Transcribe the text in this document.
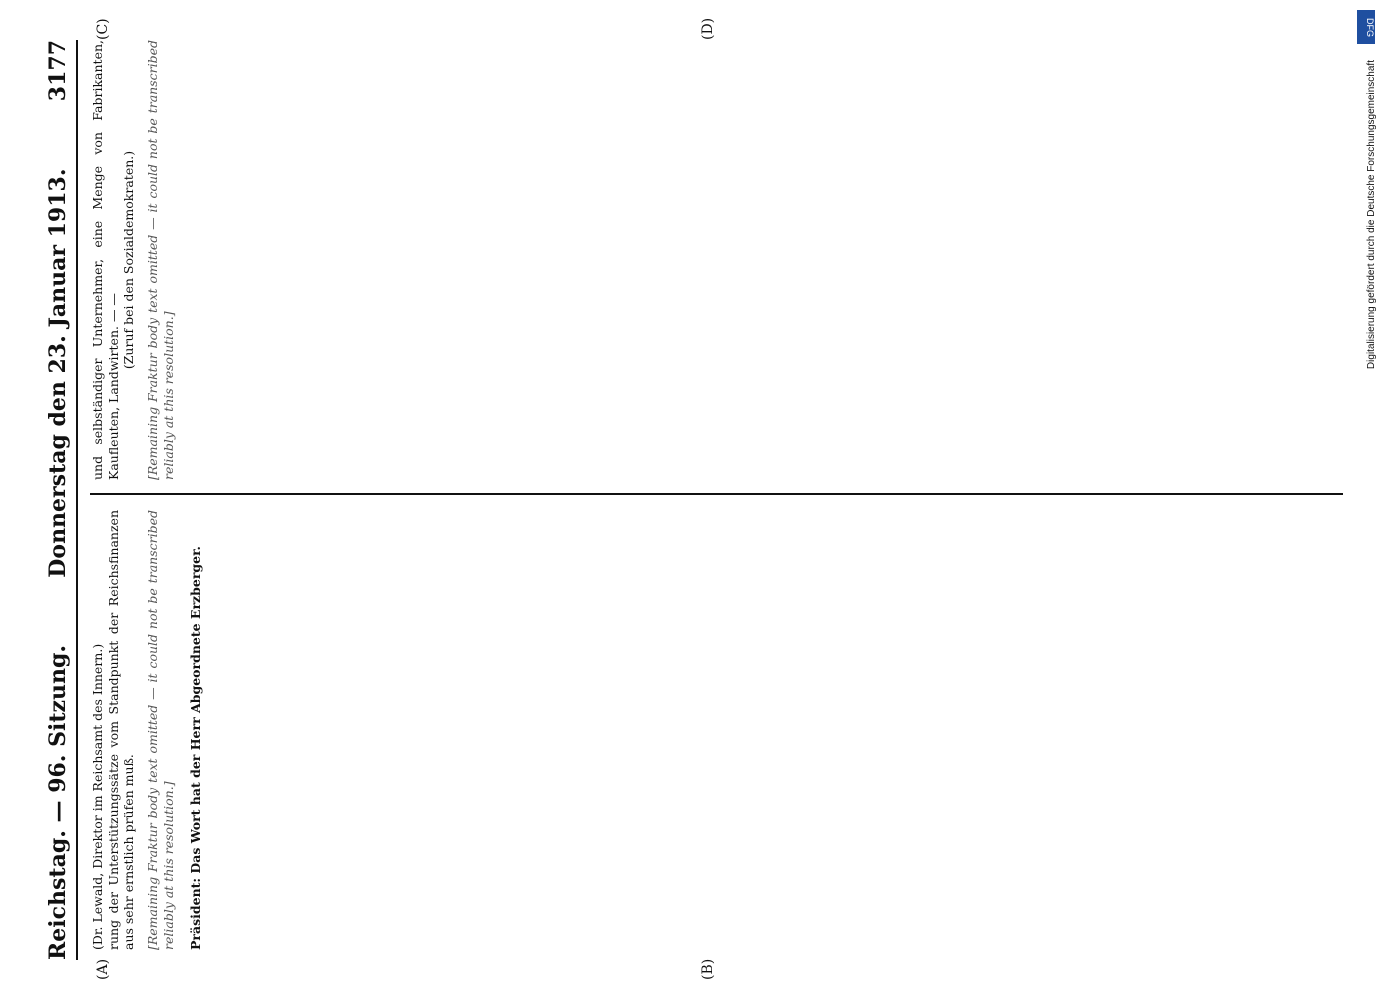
Reichstag. — 96. Sitzung.
Donnerstag den 23. Januar 1913.
3177
(A)	(B)
(C)	(D)
(Dr. Lewald, Direktor im Reichsamt des Innern.) rung der Unterstützungssätze vom Standpunkt der Reichsfinanzen aus sehr ernstlich prüfen muß. [Remaining Fraktur body text omitted — it could not be transcribed reliably at this resolution.] Präsident: Das Wort hat der Herr Abgeordnete Erzberger.
und selbständiger Unternehmer, eine Menge von Fabrikanten, Kaufleuten, Landwirten. — —
(Zuruf bei den Sozialdemokraten.) [Remaining Fraktur body text omitted — it could not be transcribed reliably at this resolution.]
DFG
Digitalisierung gefördert durch die Deutsche Forschungsgemeinschaft
